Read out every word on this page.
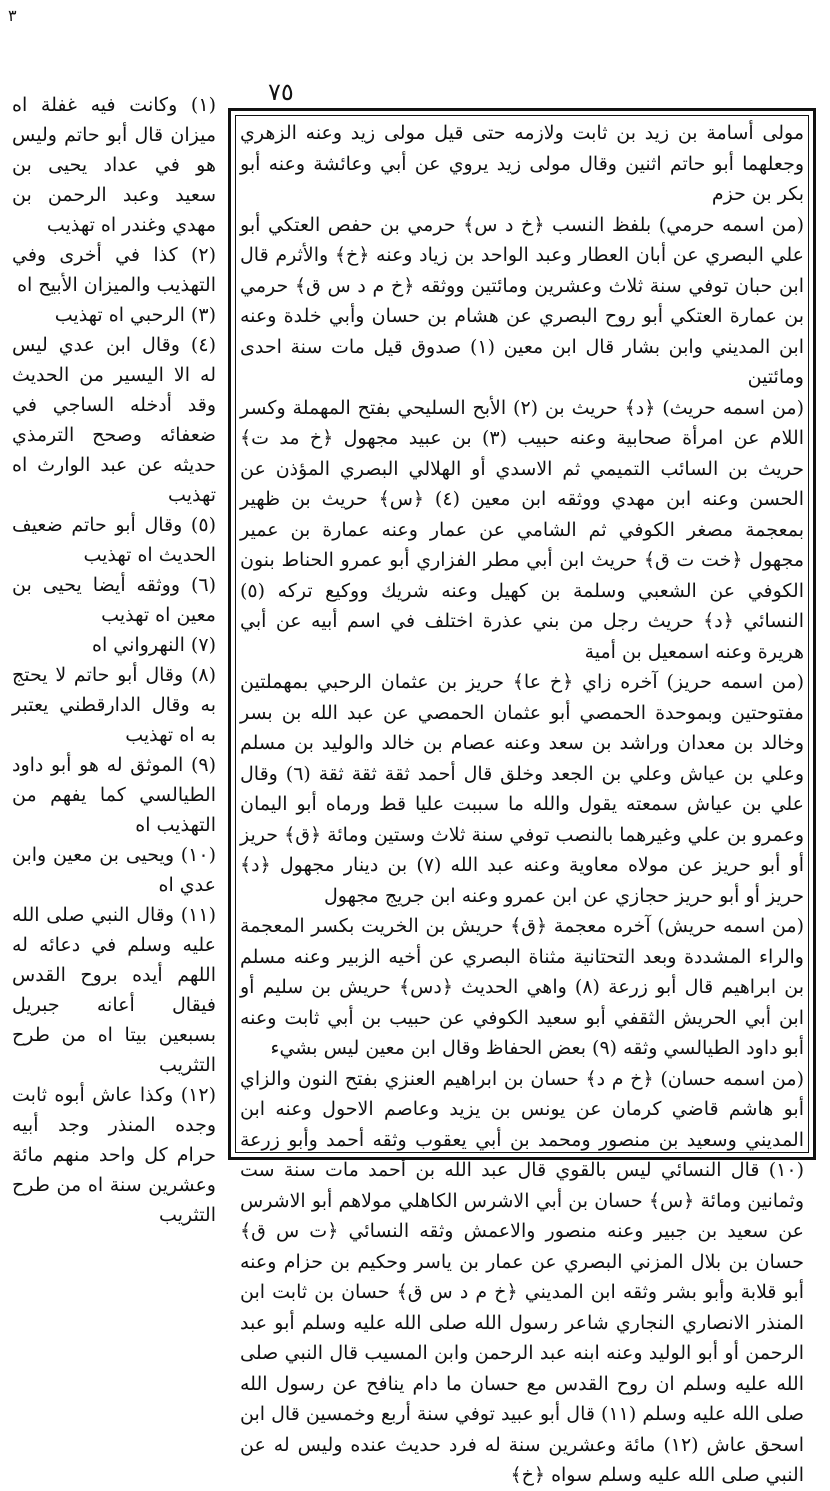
٣
٧٥

مولى أسامة بن زيد بن ثابت ولازمه حتى قيل مولى زيد وعنه الزهري وجعلهما أبو حاتم اثنين وقال مولى زيد يروي عن أبي وعائشة وعنه أبو بكر بن حزم

(من اسمه حرمي) بلفظ النسب ﴿خ د س﴾ حرمي بن حفص العتكي أبو علي البصري عن أبان العطار وعبد الواحد بن زياد وعنه ﴿خ﴾ والأثرم قال ابن حبان توفي سنة ثلاث وعشرين ومائتين ووثقه ﴿خ م د س ق﴾ حرمي بن عمارة العتكي أبو روح البصري عن هشام بن حسان وأبي خلدة وعنه ابن المديني وابن بشار قال ابن معين (١) صدوق قيل مات سنة احدى ومائتين

(من اسمه حريث) ﴿د﴾ حريث بن (٢) الأبح السليحي بفتح المهملة وكسر اللام عن امرأة صحابية وعنه حبيب (٣) بن عبيد مجهول ﴿خ مد ت﴾ حريث بن السائب التميمي ثم الاسدي أو الهلالي البصري المؤذن عن الحسن وعنه ابن مهدي ووثقه ابن معين (٤) ﴿س﴾ حريث بن ظهير بمعجمة مصغر الكوفي ثم الشامي عن عمار وعنه عمارة بن عمير مجهول ﴿خت ت ق﴾ حريث ابن أبي مطر الفزاري أبو عمرو الحناط بنون الكوفي عن الشعبي وسلمة بن كهيل وعنه شريك ووكيع تركه (٥) النسائي ﴿د﴾ حريث رجل من بني عذرة اختلف في اسم أبيه عن أبي هريرة وعنه اسمعيل بن أمية

(من اسمه حريز) آخره زاي ﴿خ عا﴾ حريز بن عثمان الرحبي بمهملتين مفتوحتين وبموحدة الحمصي أبو عثمان الحمصي عن عبد الله بن بسر وخالد بن معدان وراشد بن سعد وعنه عصام بن خالد والوليد بن مسلم وعلي بن عياش وعلي بن الجعد وخلق قال أحمد ثقة ثقة ثقة (٦) وقال علي بن عياش سمعته يقول والله ما سببت عليا قط ورماه أبو اليمان وعمرو بن علي وغيرهما بالنصب توفي سنة ثلاث وستين ومائة ﴿ق﴾ حريز أو أبو حريز عن مولاه معاوية وعنه عبد الله (٧) بن دينار مجهول ﴿د﴾ حريز أو أبو حريز حجازي عن ابن عمرو وعنه ابن جريج مجهول

(من اسمه حريش) آخره معجمة ﴿ق﴾ حريش بن الخريت بكسر المعجمة والراء المشددة وبعد التحتانية مثناة البصري عن أخيه الزبير وعنه مسلم بن ابراهيم قال أبو زرعة (٨) واهي الحديث ﴿دس﴾ حريش بن سليم أو ابن أبي الحريش الثقفي أبو سعيد الكوفي عن حبيب بن أبي ثابت وعنه أبو داود الطيالسي وثقه (٩) بعض الحفاظ وقال ابن معين ليس بشيء

(من اسمه حسان) ﴿خ م د﴾ حسان بن ابراهيم العنزي بفتح النون والزاي أبو هاشم قاضي كرمان عن يونس بن يزيد وعاصم الاحول وعنه ابن المديني وسعيد بن منصور ومحمد بن أبي يعقوب وثقه أحمد وأبو زرعة (١٠) قال النسائي ليس بالقوي قال عبد الله بن أحمد مات سنة ست وثمانين ومائة ﴿س﴾ حسان بن أبي الاشرس الكاهلي مولاهم أبو الاشرس عن سعيد بن جبير وعنه منصور والاعمش وثقه النسائي ﴿ت س ق﴾ حسان بن بلال المزني البصري عن عمار بن ياسر وحكيم بن حزام وعنه أبو قلابة وأبو بشر وثقه ابن المديني ﴿خ م د س ق﴾ حسان بن ثابت ابن المنذر الانصاري النجاري شاعر رسول الله صلى الله عليه وسلم أبو عبد الرحمن أو أبو الوليد وعنه ابنه عبد الرحمن وابن المسيب قال النبي صلى الله عليه وسلم ان روح القدس مع حسان ما دام ينافح عن رسول الله صلى الله عليه وسلم (١١) قال أبو عبيد توفي سنة أربع وخمسين قال ابن اسحق عاش (١٢) مائة وعشرين سنة له فرد حديث عنده وليس له عن النبي صلى الله عليه وسلم سواه ﴿خ﴾

(١) وكانت فيه غفلة اه ميزان قال أبو حاتم وليس هو في عداد يحيى بن سعيد وعبد الرحمن بن مهدي وغندر اه تهذيب

(٢) كذا في أخرى وفي التهذيب والميزان الأبيح اه

(٣) الرحبي اه تهذيب

(٤) وقال ابن عدي ليس له الا اليسير من الحديث وقد أدخله الساجي في ضعفائه وصحح الترمذي حديثه عن عبد الوارث اه تهذيب

(٥) وقال أبو حاتم ضعيف الحديث اه تهذيب

(٦) ووثقه أيضا يحيى بن معين اه تهذيب

(٧) النهرواني اه

(٨) وقال أبو حاتم لا يحتج به وقال الدارقطني يعتبر به اه تهذيب

(٩) الموثق له هو أبو داود الطيالسي كما يفهم من التهذيب اه

(١٠) ويحيى بن معين وابن عدي اه

(١١) وقال النبي صلى الله عليه وسلم في دعائه له اللهم أيده بروح القدس فيقال أعانه جبريل بسبعين بيتا اه من طرح التثريب

(١٢) وكذا عاش أبوه ثابت وجده المنذر وجد أبيه حرام كل واحد منهم مائة وعشرين سنة اه من طرح التثريب
